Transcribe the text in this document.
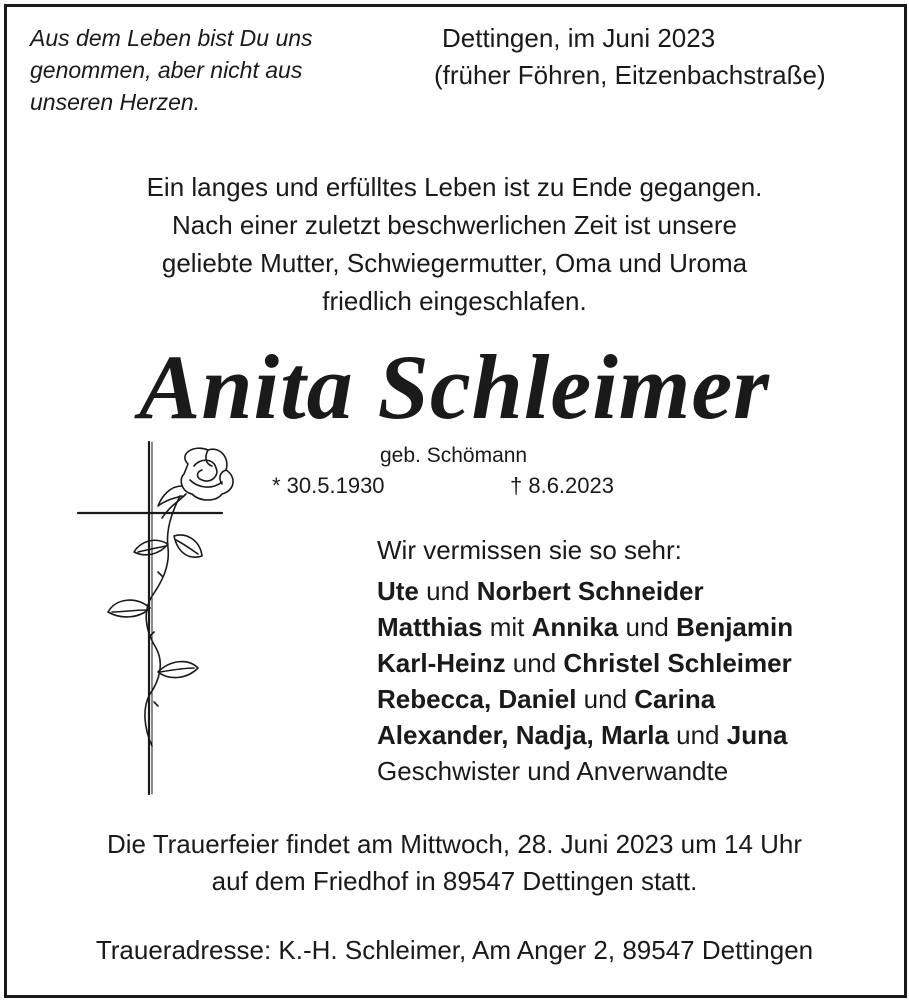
Aus dem Leben bist Du uns
genommen, aber nicht aus
unseren Herzen.
Dettingen, im Juni 2023
(früher Föhren, Eitzenbachstraße)
Ein langes und erfülltes Leben ist zu Ende gegangen.
Nach einer zuletzt beschwerlichen Zeit ist unsere
geliebte Mutter, Schwiegermutter, Oma und Uroma
friedlich eingeschlafen.
Anita Schleimer
geb. Schömann
* 30.5.1930	† 8.6.2023
Wir vermissen sie so sehr:
Ute und Norbert Schneider
Matthias mit Annika und Benjamin
Karl-Heinz und Christel Schleimer
Rebecca, Daniel und Carina
Alexander, Nadja, Marla und Juna
Geschwister und Anverwandte
Die Trauerfeier findet am Mittwoch, 28. Juni 2023 um 14 Uhr
auf dem Friedhof in 89547 Dettingen statt.
Traueradresse: K.-H. Schleimer, Am Anger 2, 89547 Dettingen
